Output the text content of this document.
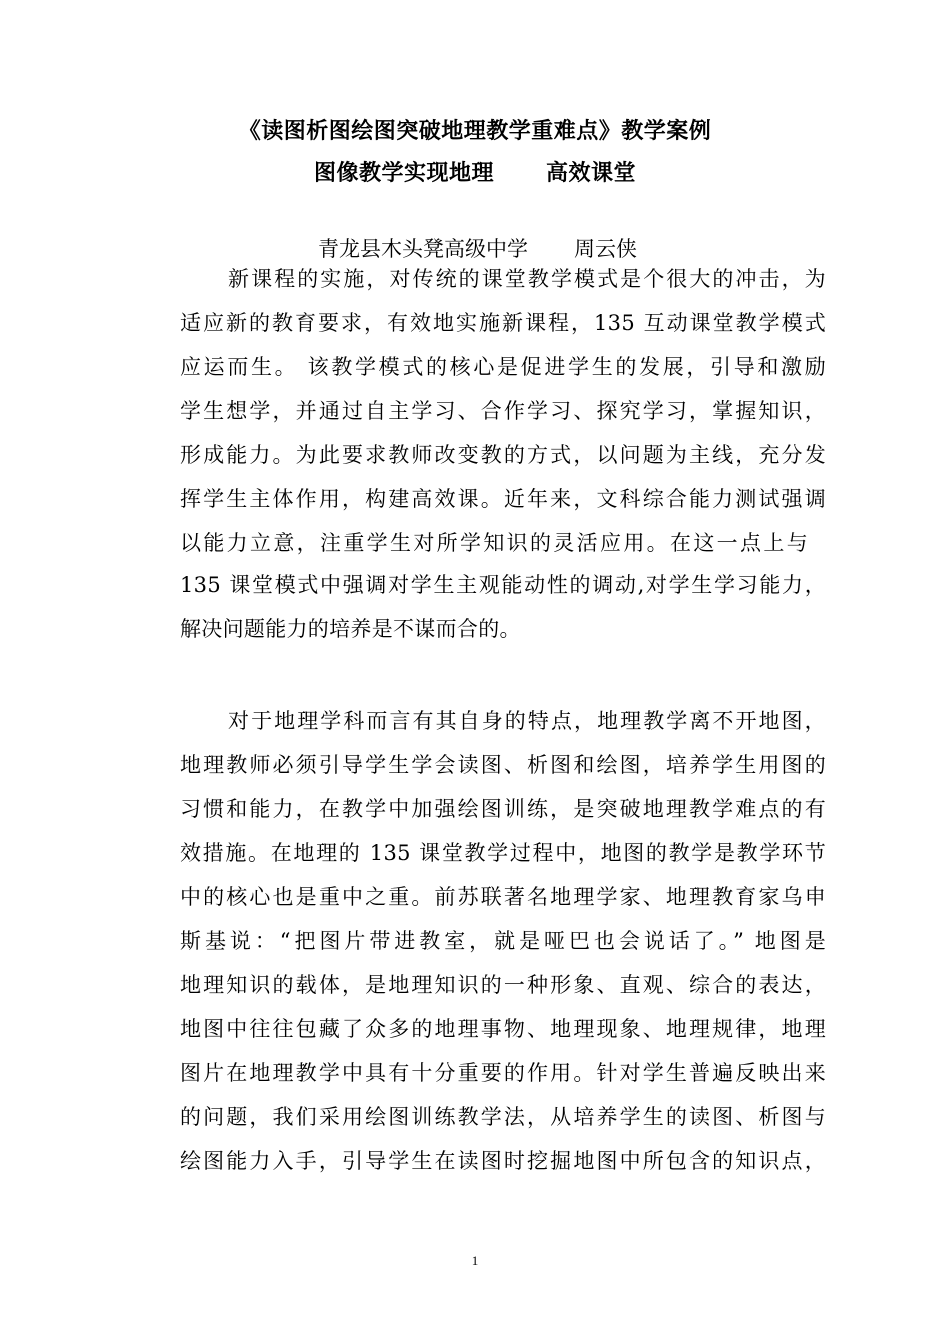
《读图析图绘图突破地理教学重难点》教学案例
图像教学实现地理 高效课堂
青龙县木头凳高级中学 周云侠
新课程的实施，对传统的课堂教学模式是个很大的冲击，为
适应新的教育要求，有效地实施新课程，135 互动课堂教学模式
应运而生。 该教学模式的核心是促进学生的发展，引导和激励
学生想学，并通过自主学习、合作学习、探究学习，掌握知识，
形成能力。为此要求教师改变教的方式，以问题为主线，充分发
挥学生主体作用，构建高效课。近年来，文科综合能力测试强调
以能力立意，注重学生对所学知识的灵活应用。在这一点上与
135 课堂模式中强调对学生主观能动性的调动,对学生学习能力，
解决问题能力的培养是不谋而合的。
对于地理学科而言有其自身的特点，地理教学离不开地图，
地理教师必须引导学生学会读图、析图和绘图，培养学生用图的
习惯和能力，在教学中加强绘图训练，是突破地理教学难点的有
效措施。在地理的 135 课堂教学过程中，地图的教学是教学环节
中的核心也是重中之重。前苏联著名地理学家、地理教育家乌申
斯基说：“把图片带进教室，就是哑巴也会说话了。” 地图是
地理知识的载体，是地理知识的一种形象、直观、综合的表达，
地图中往往包藏了众多的地理事物、地理现象、地理规律，地理
图片在地理教学中具有十分重要的作用。针对学生普遍反映出来
的问题，我们采用绘图训练教学法，从培养学生的读图、析图与
绘图能力入手，引导学生在读图时挖掘地图中所包含的知识点，
1
